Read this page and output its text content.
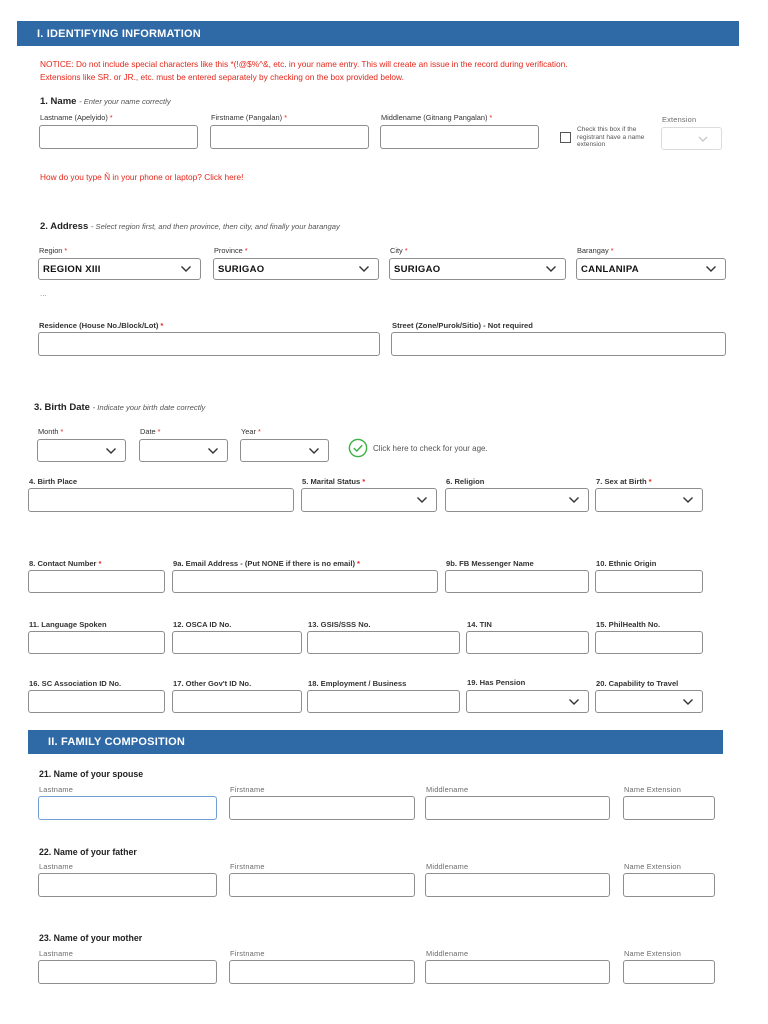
I. IDENTIFYING INFORMATION
NOTICE: Do not include special characters like this *(!@$%^&, etc. in your name entry. This will create an issue in the record during verification.
Extensions like SR. or JR., etc. must be entered separately by checking on the box provided below.
1. Name - Enter your name correctly
Lastname (Apelyido) *	Firstname (Pangalan) *	Middlename (Gitnang Pangalan) *
Check this box if the registrant have a name extension
Extension
How do you type Ñ in your phone or laptop? Click here!
2. Address - Select region first, and then province, then city, and finally your barangay
Region *
REGION XIII
Province *
SURIGAO
City *
SURIGAO
Barangay *
CANLANIPA
...
Residence (House No./Block/Lot) *	Street (Zone/Purok/Sitio) - Not required
3. Birth Date - Indicate your birth date correctly
Month *	Date *	Year *
Click here to check for your age.
4. Birth Place	5. Marital Status *	6. Religion	7. Sex at Birth *
8. Contact Number *	9a. Email Address - (Put NONE if there is no email) *	9b. FB Messenger Name	10. Ethnic Origin
11. Language Spoken	12. OSCA ID No.	13. GSIS/SSS No.	14. TIN	15. PhilHealth No.
16. SC Association ID No.	17. Other Gov't ID No.	18. Employment / Business	19. Has Pension	20. Capability to Travel
II. FAMILY COMPOSITION
21. Name of your spouse
Lastname	Firstname	Middlename	Name Extension
22. Name of your father
Lastname	Firstname	Middlename	Name Extension
23. Name of your mother
Lastname	Firstname	Middlename	Name Extension
